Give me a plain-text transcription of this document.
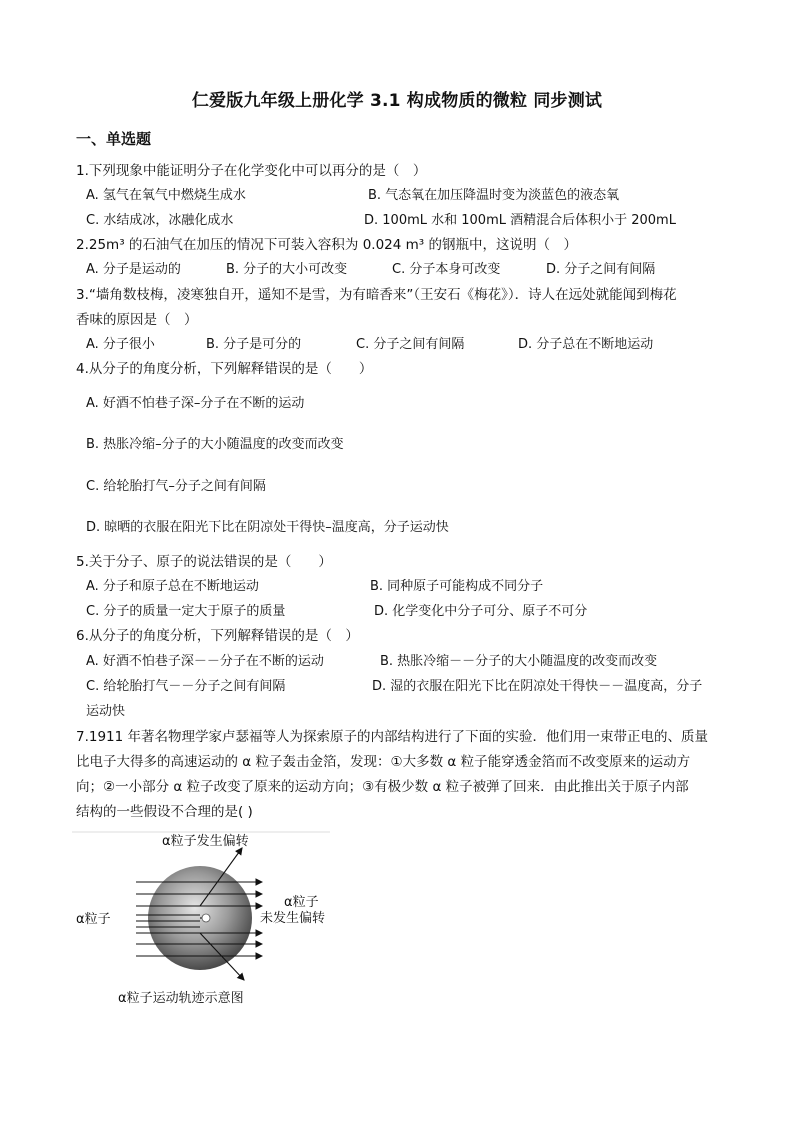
仁爱版九年级上册化学 3.1 构成物质的微粒 同步测试
一、单选题
1.下列现象中能证明分子在化学变化中可以再分的是（　）
A. 氢气在氧气中燃烧生成水	B. 气态氧在加压降温时变为淡蓝色的液态氧
C. 水结成冰，冰融化成水	D. 100mL 水和 100mL 酒精混合后体积小于 200mL
2.25m³ 的石油气在加压的情况下可装入容积为 0.024 m³ 的钢瓶中，这说明（　）
A. 分子是运动的	B. 分子的大小可改变	C. 分子本身可改变	D. 分子之间有间隔
3.“墙角数枝梅，凌寒独自开，遥知不是雪，为有暗香来”（王安石《梅花》）．诗人在远处就能闻到梅花
香味的原因是（　）
A. 分子很小	B. 分子是可分的	C. 分子之间有间隔	D. 分子总在不断地运动
4.从分子的角度分析，下列解释错误的是（　　）
A. 好酒不怕巷子深–分子在不断的运动
B. 热胀冷缩–分子的大小随温度的改变而改变
C. 给轮胎打气–分子之间有间隔
D. 晾晒的衣服在阳光下比在阴凉处干得快–温度高，分子运动快
5.关于分子、原子的说法错误的是（　　）
A. 分子和原子总在不断地运动	B. 同种原子可能构成不同分子
C. 分子的质量一定大于原子的质量	D. 化学变化中分子可分、原子不可分
6.从分子的角度分析，下列解释错误的是（　）
A. 好酒不怕巷子深－－分子在不断的运动	B. 热胀冷缩－－分子的大小随温度的改变而改变
C. 给轮胎打气－－分子之间有间隔	D. 湿的衣服在阳光下比在阴凉处干得快－－温度高，分子
运动快
7.1911 年著名物理学家卢瑟福等人为探索原子的内部结构进行了下面的实验．他们用一束带正电的、质量
比电子大得多的高速运动的 α 粒子轰击金箔，发现：①大多数 α 粒子能穿透金箔而不改变原来的运动方
向；②一小部分 α 粒子改变了原来的运动方向；③有极少数 α 粒子被弹了回来．由此推出关于原子内部
结构的一些假设不合理的是( )
α粒子发生偏转
α粒子
α粒子
未发生偏转
α粒子运动轨迹示意图
